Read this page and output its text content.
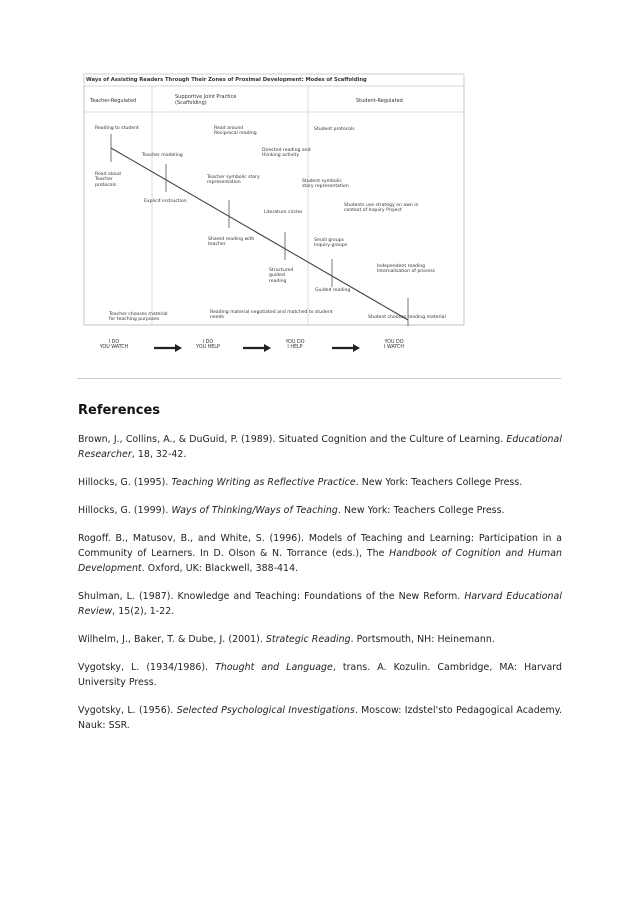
Ways of Assisting Readers Through Their Zones of Proximal Development: Modes of Scaffolding
Teacher-Regulated
Supportive Joint Practice
(Scaffolding)	Student-Regulated
Reading to student
Read aloud
Teacher
protocols
Teacher modeling
Explicit instruction
Read around
Reciprocal reading
Directed reading and
thinking activity
Teacher symbolic story
representation
Literature circles
Shared reading with
teacher
Structured
guided
reading
Student protocols
Student symbolic
story representation
Students use strategy on own in
context of Inquiry Project
Small groups
Inquiry groups
Guided reading
Independent reading
Internalisation of process
Teacher chooses material
for teaching purposes
Reading material negotiated and matched to student
needs	Student chooses reading material
I DO
YOU WATCH
I DO
YOU HELP
YOU DO
I HELP
YOU DO
I WATCH
References
Brown, J., Collins, A., & DuGuid, P. (1989). Situated Cognition and the Culture of Learning. Educational Researcher, 18, 32-42.
Hillocks, G. (1995). Teaching Writing as Reflective Practice. New York: Teachers College Press.
Hillocks, G. (1999). Ways of Thinking/Ways of Teaching. New York: Teachers College Press.
Rogoff. B., Matusov, B., and White, S. (1996). Models of Teaching and Learning: Participation in a Community of Learners. In D. Olson & N. Torrance (eds.), The Handbook of Cognition and Human Development. Oxford, UK: Blackwell, 388-414.
Shulman, L. (1987). Knowledge and Teaching: Foundations of the New Reform. Harvard Educational Review, 15(2), 1-22.
Wilhelm, J., Baker, T. & Dube, J. (2001). Strategic Reading. Portsmouth, NH: Heinemann.
Vygotsky, L. (1934/1986). Thought and Language, trans. A. Kozulin. Cambridge, MA: Harvard University Press.
Vygotsky, L. (1956). Selected Psychological Investigations. Moscow: Izdstel'sto Pedagogical Academy. Nauk: SSR.
